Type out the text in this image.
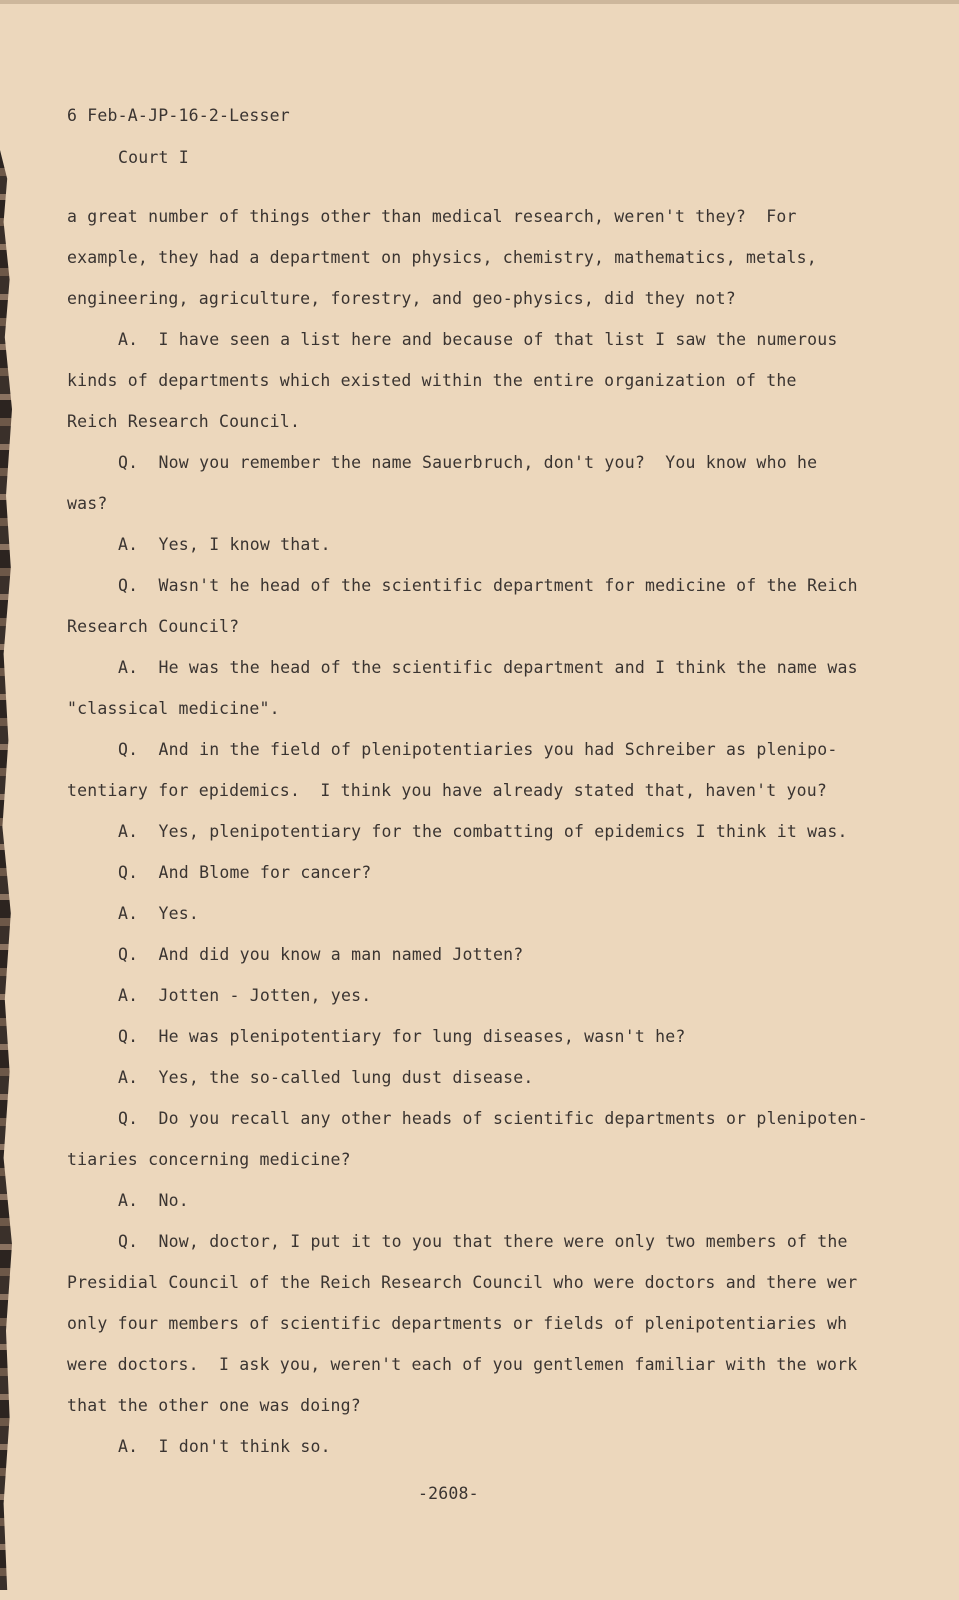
6 Feb-A-JP-16-2-Lesser
Court I
a great number of things other than medical research, weren't they?  For
example, they had a department on physics, chemistry, mathematics, metals,
engineering, agriculture, forestry, and geo-physics, did they not?
A.  I have seen a list here and because of that list I saw the numerous
kinds of departments which existed within the entire organization of the
Reich Research Council.
Q.  Now you remember the name Sauerbruch, don't you?  You know who he
was?
A.  Yes, I know that.
Q.  Wasn't he head of the scientific department for medicine of the Reich
Research Council?
A.  He was the head of the scientific department and I think the name was
"classical medicine".
Q.  And in the field of plenipotentiaries you had Schreiber as plenipo-
tentiary for epidemics.  I think you have already stated that, haven't you?
A.  Yes, plenipotentiary for the combatting of epidemics I think it was.
Q.  And Blome for cancer?
A.  Yes.
Q.  And did you know a man named Jotten?
A.  Jotten - Jotten, yes.
Q.  He was plenipotentiary for lung diseases, wasn't he?
A.  Yes, the so-called lung dust disease.
Q.  Do you recall any other heads of scientific departments or plenipoten-
tiaries concerning medicine?
A.  No.
Q.  Now, doctor, I put it to you that there were only two members of the
Presidial Council of the Reich Research Council who were doctors and there wer
only four members of scientific departments or fields of plenipotentiaries wh
were doctors.  I ask you, weren't each of you gentlemen familiar with the work
that the other one was doing?
A.  I don't think so.
-2608-
